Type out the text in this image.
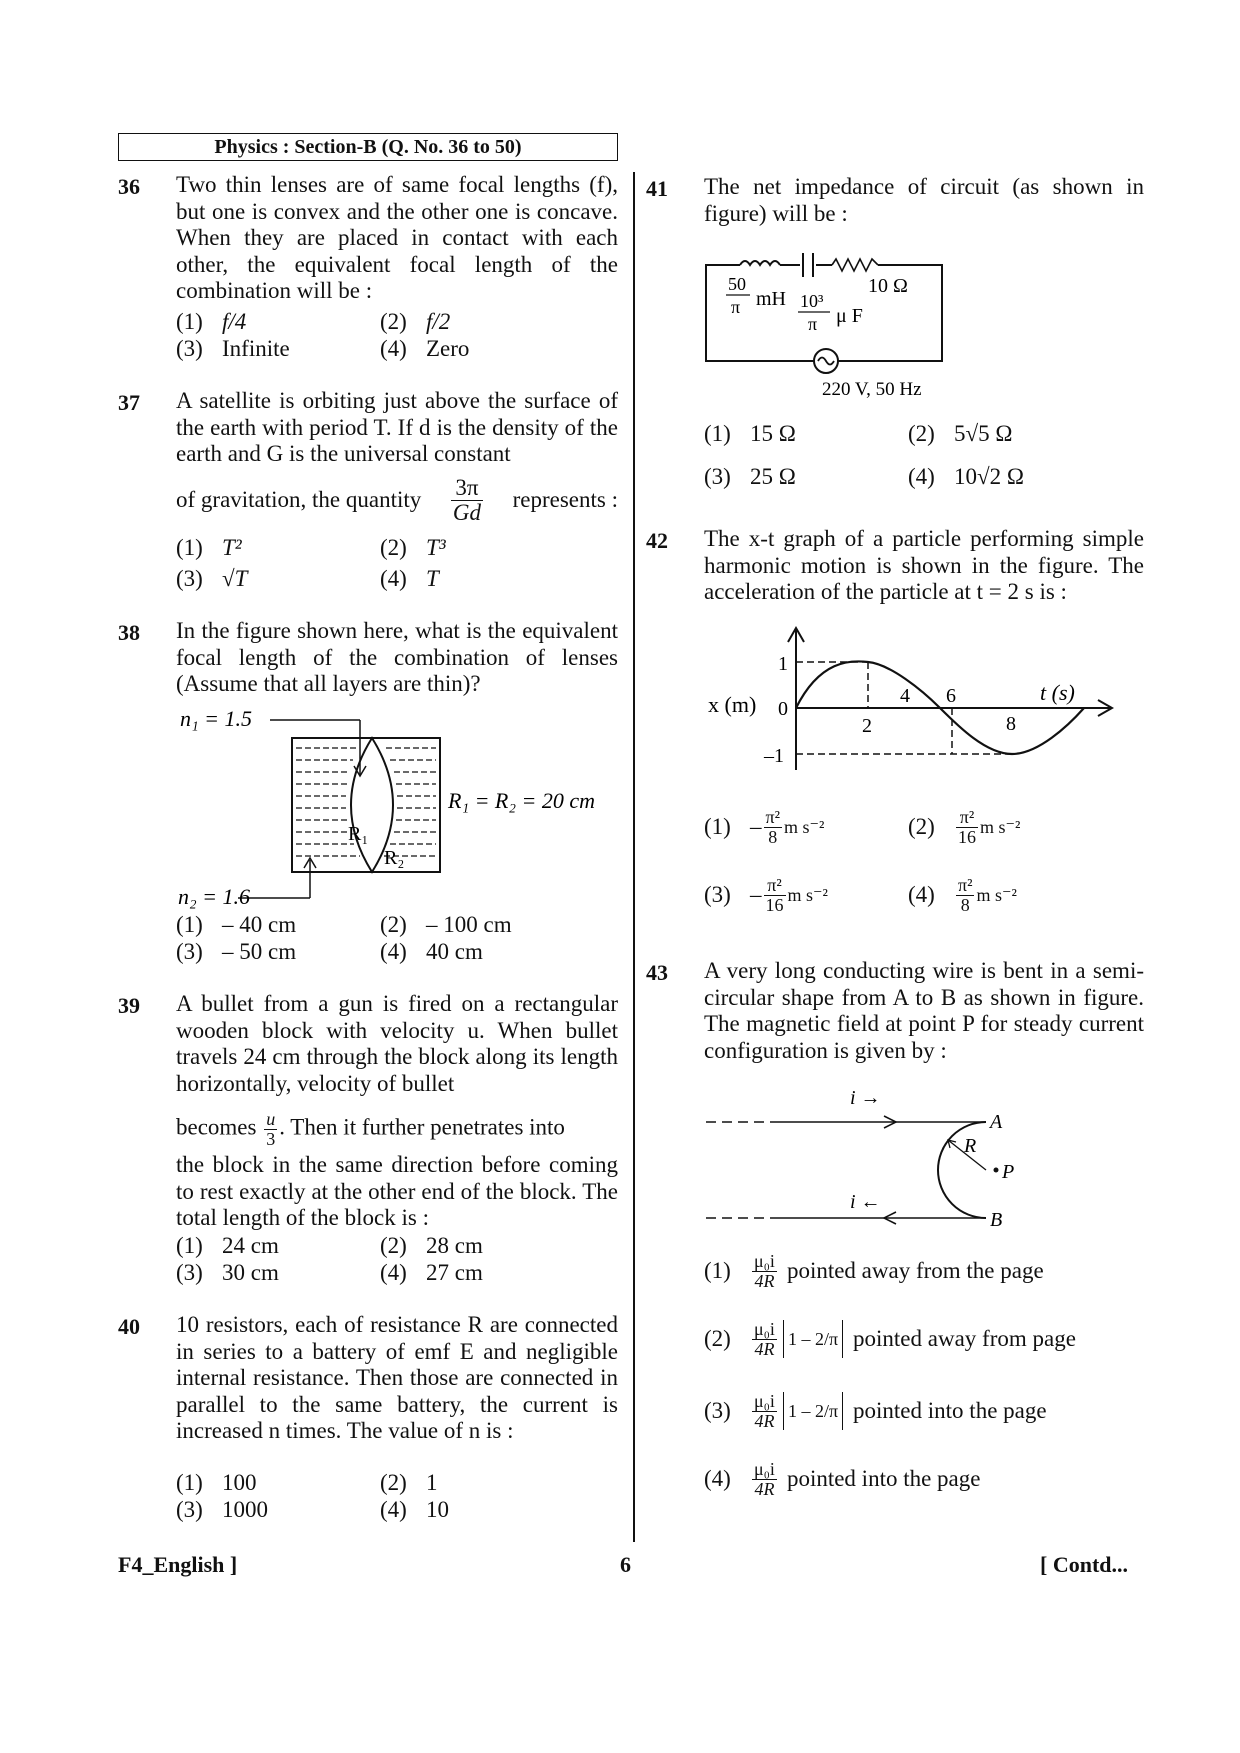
Physics : Section-B (Q. No. 36 to 50)
36 Two thin lenses are of same focal lengths (f), but one is convex and the other one is concave. When they are placed in contact with each other, the equivalent focal length of the combination will be :
(1) f/4	(2) f/2
(3) Infinite	(4) Zero
37 A satellite is orbiting just above the surface of the earth with period T. If d is the density of the earth and G is the universal constant
of gravitation, the quantity $\frac{3\pi}{Gd}$ represents :
(1) T²	(2) T³
(3) √T	(4) T
38 In the figure shown here, what is the equivalent focal length of the combination of lenses (Assume that all layers are thin)?
n₁ = 1.5
n₂ = 1.6
R₁ = R₂ = 20 cm
R₁
R₂
(1) – 40 cm	(2) – 100 cm
(3) – 50 cm	(4) 40 cm
39 A bullet from a gun is fired on a rectangular wooden block with velocity u. When bullet travels 24 cm through the block along its length horizontally, velocity of bullet
becomes $\frac{u}{3}$ . Then it further penetrates into
the block in the same direction before coming to rest exactly at the other end of the block. The total length of the block is :
(1) 24 cm	(2) 28 cm
(3) 30 cm	(4) 27 cm
40 10 resistors, each of resistance R are connected in series to a battery of emf E and negligible internal resistance. Then those are connected in parallel to the same battery, the current is increased n times. The value of n is :
(1) 100	(2) 1
(3) 1000	(4) 10
41 The net impedance of circuit (as shown in figure) will be :
50
π mH 10³
π μ F
10 Ω
220 V, 50 Hz
(1) 15 Ω	(2) 5√5 Ω
(3) 25 Ω	(4) 10√2 Ω
42 The x-t graph of a particle performing simple harmonic motion is shown in the figure. The acceleration of the particle at t = 2 s is :
1
0
–1
x (m)	t (s)
2
4 6
8
$(1) - \frac{\text{π²}}{8}$ m s⁻²	(2)	$\frac{\text{π²}}{16}$ m s⁻²
$(3) - \frac{\text{π²}}{16}$ m s⁻²	(4)	$\frac{\text{π²}}{8}$ m s⁻²
43 A very long conducting wire is bent in a semi-circular shape from A to B as shown in figure. The magnetic field at point P for steady current configuration is given by :
i →
i ←
A
B
P
R
(1)	$\frac{\text{μ₀i}}{4R}$ pointed away from the page
(2)	$\frac{\text{μ₀i}}{4R} 1 - 2/\pi$ pointed away from page
(3)	$\frac{\text{μ₀i}}{4R} 1 - 2/\pi$ pointed into the page
(4)	$\frac{\text{μ₀i}}{4R}$ pointed into the page
F4_English ]	6	[ Contd...
